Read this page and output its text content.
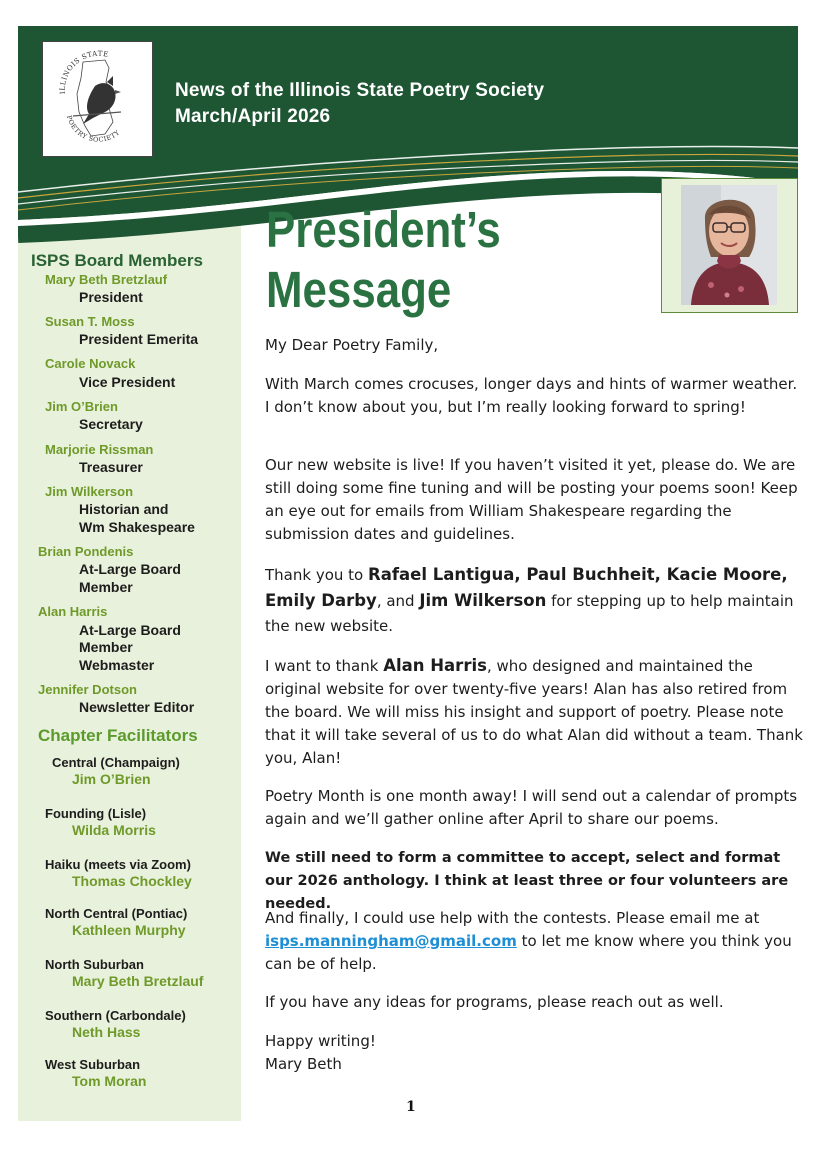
ILLINOIS STATE
POETRY SOCIETY
News of the Illinois State Poetry Society
March/April 2026
President’s
Message
ISPS Board Members
Mary Beth Bretzlauf
President
Susan T. Moss
President Emerita
Carole Novack
Vice President
Jim O’Brien
Secretary
Marjorie Rissman
Treasurer
Jim Wilkerson
Historian and
Wm Shakespeare
Brian Pondenis
At-Large Board
Member
Alan Harris
At-Large Board
Member
Webmaster
Jennifer Dotson
Newsletter Editor
Chapter Facilitators
Central (Champaign)
Jim O’Brien
Founding (Lisle)
Wilda Morris
Haiku (meets via Zoom)
Thomas Chockley
North Central (Pontiac)
Kathleen Murphy
North Suburban
Mary Beth Bretzlauf
Southern (Carbondale)
Neth Hass
West Suburban
Tom Moran

My Dear Poetry Family,

With March comes crocuses, longer days and hints of warmer weather. I don’t know about you, but I’m really looking forward to spring!

Our new website is live! If you haven’t visited it yet, please do. We are still doing some fine tuning and will be posting your poems soon! Keep an eye out for emails from William Shakespeare regarding the submission dates and guidelines.

Thank you to Rafael Lantigua, Paul Buchheit, Kacie Moore, Emily Darby, and Jim Wilkerson for stepping up to help maintain the new website.

I want to thank Alan Harris, who designed and maintained the original website for over twenty-five years! Alan has also retired from the board. We will miss his insight and support of poetry. Please note that it will take several of us to do what Alan did without a team. Thank you, Alan!

Poetry Month is one month away! I will send out a calendar of prompts again and we’ll gather online after April to share our poems.

We still need to form a committee to accept, select and format our 2026 anthology. I think at least three or four volunteers are needed.

And finally, I could use help with the contests. Please email me at isps.manningham@gmail.com to let me know where you think you can be of help.

If you have any ideas for programs, please reach out as well.

Happy writing!

Mary Beth

1
